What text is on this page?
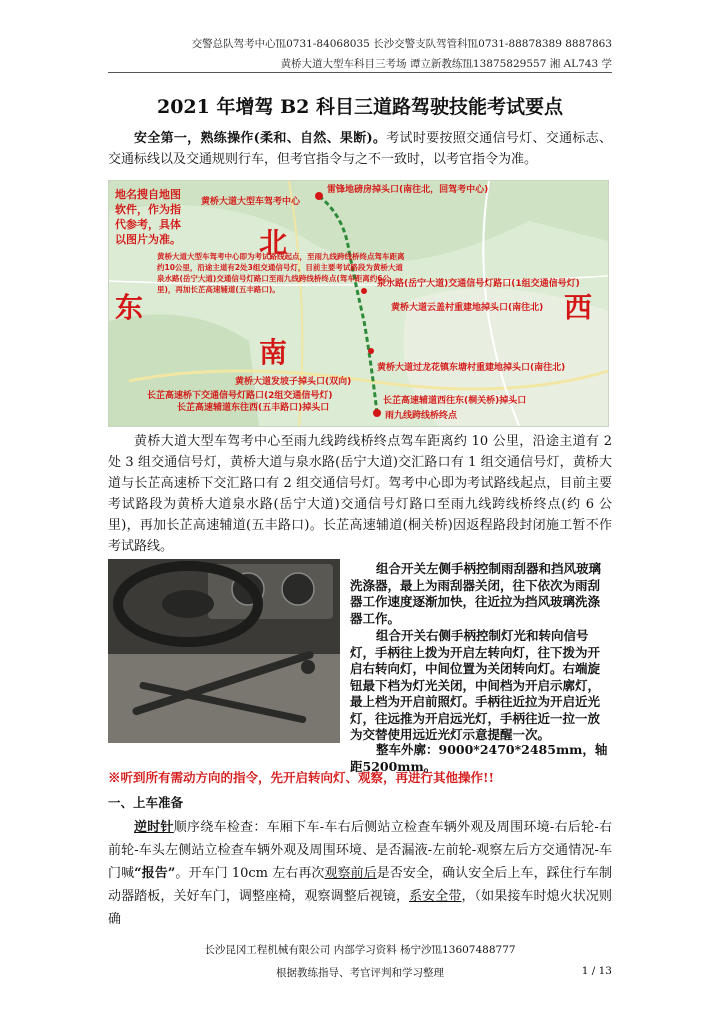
交警总队驾考中心℡0731-84068035 长沙交警支队驾管科℡0731-88878389 8887863
黄桥大道大型车科目三考场 谭立新教练℡13875829557 湘 AL743 学
2021 年增驾 B2 科目三道路驾驶技能考试要点
安全第一，熟练操作(柔和、自然、果断)。考试时要按照交通信号灯、交通标志、交通标线以及交通规则行车，但考官指令与之不一致时，以考官指令为准。
地名搜自地图软件，作为指代参考，具体以图片为准。	北
南
东	西
黄桥大道大型车驾考中心
雷锋地磅房掉头口(南往北，回驾考中心)
泉水路(岳宁大道)交通信号灯路口(1组交通信号灯)
黄桥大道云盖村重建地掉头口(南往北)
黄桥大道发坡子掉头口(双向)
黄桥大道过龙花镇东塘村重建地掉头口(南往北)
长芷高速桥下交通信号灯路口(2组交通信号灯)
长芷高速辅道东往西(五丰路口)掉头口
长芷高速辅道西往东(桐关桥)掉头口
雨九线跨线桥终点
黄桥大道大型车驾考中心即为考试路线起点，至雨九线跨线桥终点驾车距离约10公里，沿途主道有2处3组交通信号灯，目前主要考试路段为黄桥大道泉水路(岳宁大道)交通信号灯路口至雨九线跨线桥终点(驾车距离约6公里)，再加长芷高速辅道(五丰路口)。
黄桥大道大型车驾考中心至雨九线跨线桥终点驾车距离约 10 公里，沿途主道有 2 处 3 组交通信号灯，黄桥大道与泉水路(岳宁大道)交汇路口有 1 组交通信号灯，黄桥大道与长芷高速桥下交汇路口有 2 组交通信号灯。驾考中心即为考试路线起点，目前主要考试路段为黄桥大道泉水路(岳宁大道)交通信号灯路口至雨九线跨线桥终点(约 6 公里)，再加长芷高速辅道(五丰路口)。长芷高速辅道(桐关桥)因返程路段封闭施工暂不作考试路线。
组合开关左侧手柄控制雨刮器和挡风玻璃洗涤器，最上为雨刮器关闭，往下依次为雨刮器工作速度逐渐加快，往近拉为挡风玻璃洗涤器工作。
组合开关右侧手柄控制灯光和转向信号灯，手柄往上拨为开启左转向灯，往下拨为开启右转向灯，中间位置为关闭转向灯。右端旋钮最下档为灯光关闭，中间档为开启示廓灯，最上档为开启前照灯。手柄往近拉为开启近光灯，往远推为开启远光灯，手柄往近一拉一放为交替使用远近光灯示意提醒一次。
整车外廓：9000*2470*2485mm，轴距5200mm。
※听到所有需动方向的指令，先开启转向灯、观察，再进行其他操作!!
一、上车准备
逆时针顺序绕车检查：车厢下车-车右后侧站立检查车辆外观及周围环境-右后轮-右前轮-车头左侧站立检查车辆外观及周围环境、是否漏液-左前轮-观察左后方交通情况-车门喊“报告”。开车门 10cm 左右再次观察前后是否安全，确认安全后上车，踩住行车制动器踏板，关好车门，调整座椅，观察调整后视镜，系安全带，（如果接车时熄火状况则确
长沙昆冈工程机械有限公司 内部学习资料 杨宁沙℡13607488777
根据教练指导、考官评判和学习整理	1 / 13
